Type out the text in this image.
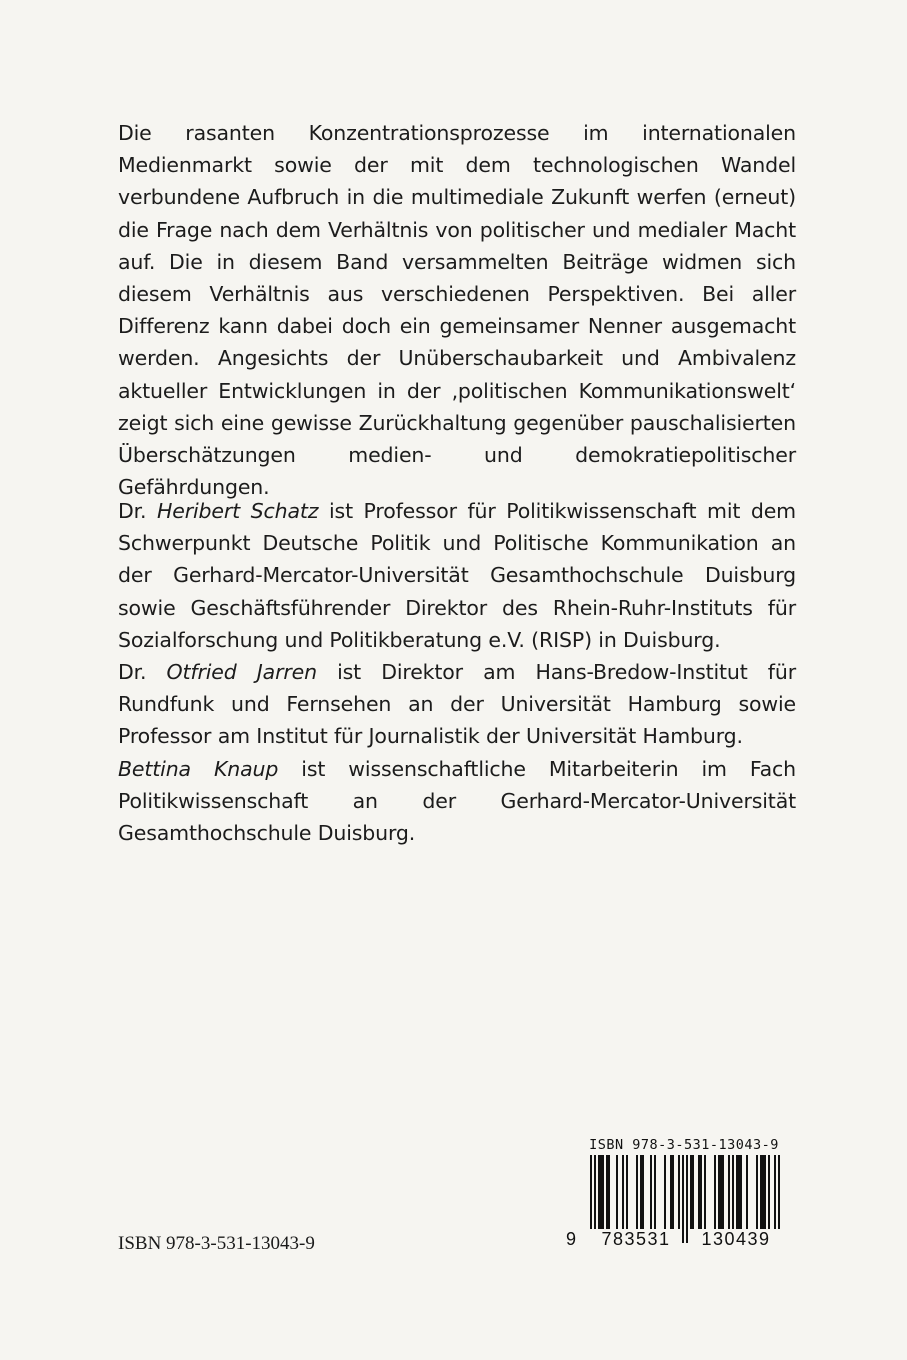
Die rasanten Konzentrationsprozesse im internationalen Medienmarkt sowie der mit dem technologischen Wandel verbundene Aufbruch in die multimediale Zukunft werfen (erneut) die Frage nach dem Verhältnis von politischer und medialer Macht auf. Die in diesem Band versammelten Beiträge widmen sich diesem Verhältnis aus verschiedenen Perspektiven. Bei aller Differenz kann dabei doch ein gemeinsamer Nenner ausgemacht werden. Angesichts der Unüberschaubarkeit und Ambivalenz aktueller Entwicklungen in der ‚politischen Kommunikationswelt‘ zeigt sich eine gewisse Zurückhaltung gegenüber pauschalisierten Überschätzungen medien- und demokratiepolitischer Gefährdungen.

Dr. Heribert Schatz ist Professor für Politikwissenschaft mit dem Schwerpunkt Deutsche Politik und Politische Kommunikation an der Gerhard-Mercator-Universität Gesamthochschule Duisburg sowie Geschäftsführender Direktor des Rhein-Ruhr-Instituts für Sozialforschung und Politikberatung e.V. (RISP) in Duisburg.

Dr. Otfried Jarren ist Direktor am Hans-Bredow-Institut für Rundfunk und Fernsehen an der Universität Hamburg sowie Professor am Institut für Journalistik der Universität Hamburg.

Bettina Knaup ist wissenschaftliche Mitarbeiterin im Fach Politikwissenschaft an der Gerhard-Mercator-Universität Gesamthochschule Duisburg.

ISBN 978-3-531-13043-9
ISBN 978-3-531-13043-9
9	783531	130439
